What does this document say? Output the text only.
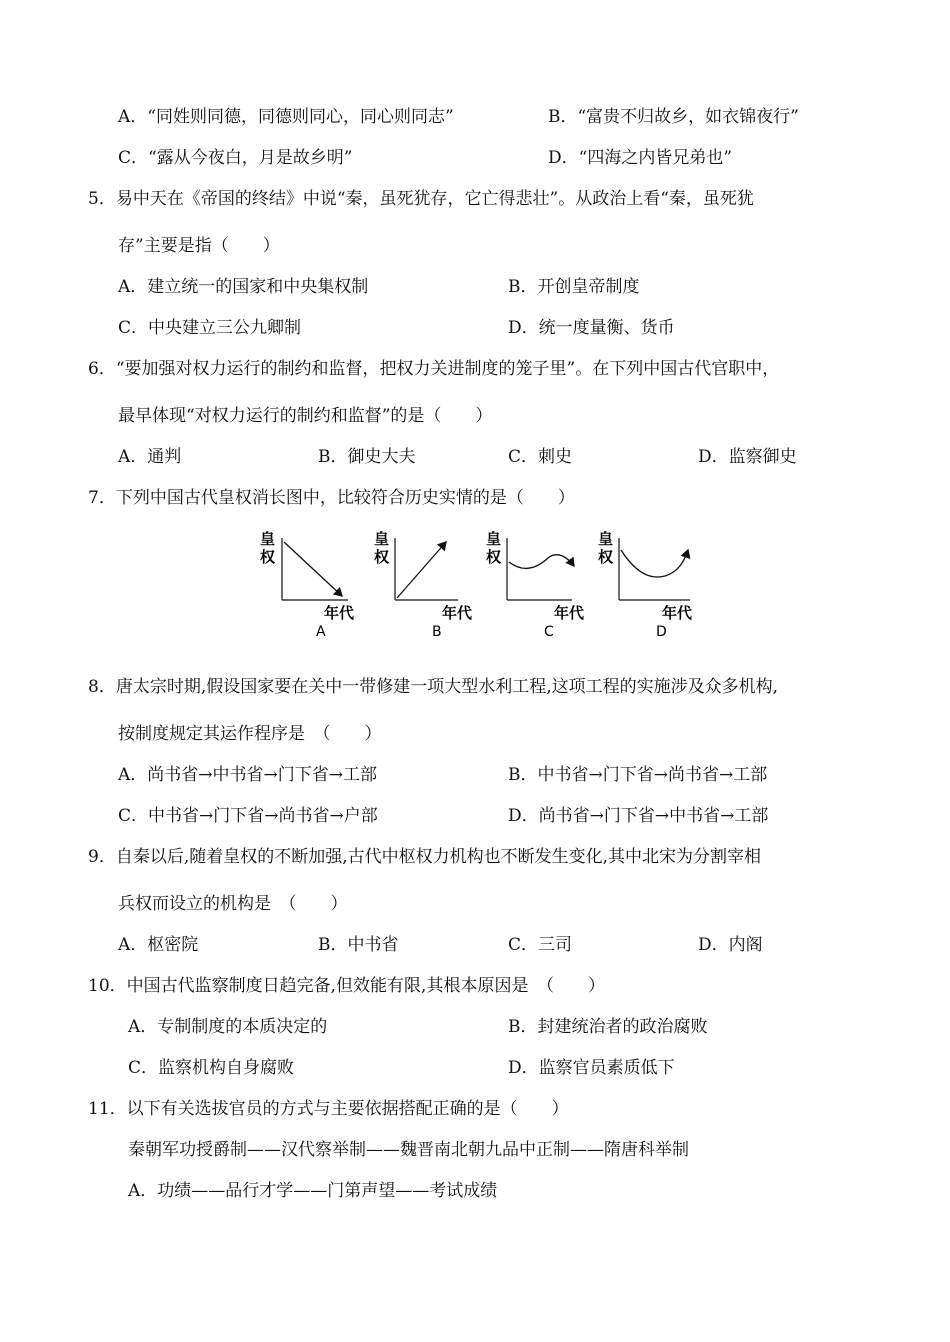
A．“同姓则同德，同德则同心，同心则同志”	B．“富贵不归故乡，如衣锦夜行”
C．“露从今夜白，月是故乡明”	D．“四海之内皆兄弟也”
5．易中天在《帝国的终结》中说“秦，虽死犹存，它亡得悲壮”。从政治上看“秦，虽死犹
存”主要是指（　　）
A．建立统一的国家和中央集权制	B．开创皇帝制度
C．中央建立三公九卿制	D．统一度量衡、货币
6．“要加强对权力运行的制约和监督，把权力关进制度的笼子里”。在下列中国古代官职中，
最早体现“对权力运行的制约和监督”的是（　　）
A．通判	B．御史大夫	C．刺史	D．监察御史
7．下列中国古代皇权消长图中，比较符合历史实情的是（　　）
皇
权
年代
A
皇
权
年代
B
皇
权
年代
C
皇
权
年代
D
8．唐太宗时期,假设国家要在关中一带修建一项大型水利工程,这项工程的实施涉及众多机构,
按制度规定其运作程序是　（　　）
A．尚书省→中书省→门下省→工部	B．中书省→门下省→尚书省→工部
C．中书省→门下省→尚书省→户部	D．尚书省→门下省→中书省→工部
9．自秦以后,随着皇权的不断加强,古代中枢权力机构也不断发生变化,其中北宋为分割宰相
兵权而设立的机构是　（　　）
A．枢密院	B．中书省	C．三司	D．内阁
10．中国古代监察制度日趋完备,但效能有限,其根本原因是　（　　）
A．专制制度的本质决定的	B．封建统治者的政治腐败
C．监察机构自身腐败	D．监察官员素质低下
11．以下有关选拔官员的方式与主要依据搭配正确的是（　　）
秦朝军功授爵制——汉代察举制——魏晋南北朝九品中正制——隋唐科举制
A．功绩——品行才学——门第声望——考试成绩
